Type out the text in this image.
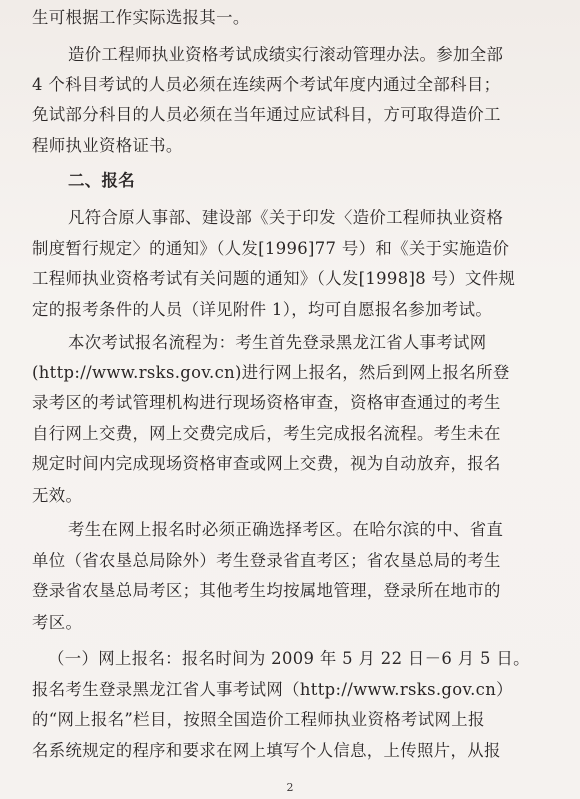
生可根据工作实际选报其一。
造价工程师执业资格考试成绩实行滚动管理办法。参加全部
4 个科目考试的人员必须在连续两个考试年度内通过全部科目；
免试部分科目的人员必须在当年通过应试科目，方可取得造价工
程师执业资格证书。
二、报名
凡符合原人事部、建设部《关于印发〈造价工程师执业资格
制度暂行规定〉的通知》（人发[1996]77 号）和《关于实施造价
工程师执业资格考试有关问题的通知》（人发[1998]8 号）文件规
定的报考条件的人员（详见附件 1），均可自愿报名参加考试。
本次考试报名流程为：考生首先登录黑龙江省人事考试网
(http://www.rsks.gov.cn)进行网上报名，然后到网上报名所登
录考区的考试管理机构进行现场资格审查，资格审查通过的考生
自行网上交费，网上交费完成后，考生完成报名流程。考生未在
规定时间内完成现场资格审查或网上交费，视为自动放弃，报名
无效。
考生在网上报名时必须正确选择考区。在哈尔滨的中、省直
单位（省农垦总局除外）考生登录省直考区；省农垦总局的考生
登录省农垦总局考区；其他考生均按属地管理，登录所在地市的
考区。
（一）网上报名：报名时间为 2009 年 5 月 22 日－6 月 5 日。
报名考生登录黑龙江省人事考试网（http://www.rsks.gov.cn）
的“网上报名”栏目，按照全国造价工程师执业资格考试网上报
名系统规定的程序和要求在网上填写个人信息，上传照片，从报
2
